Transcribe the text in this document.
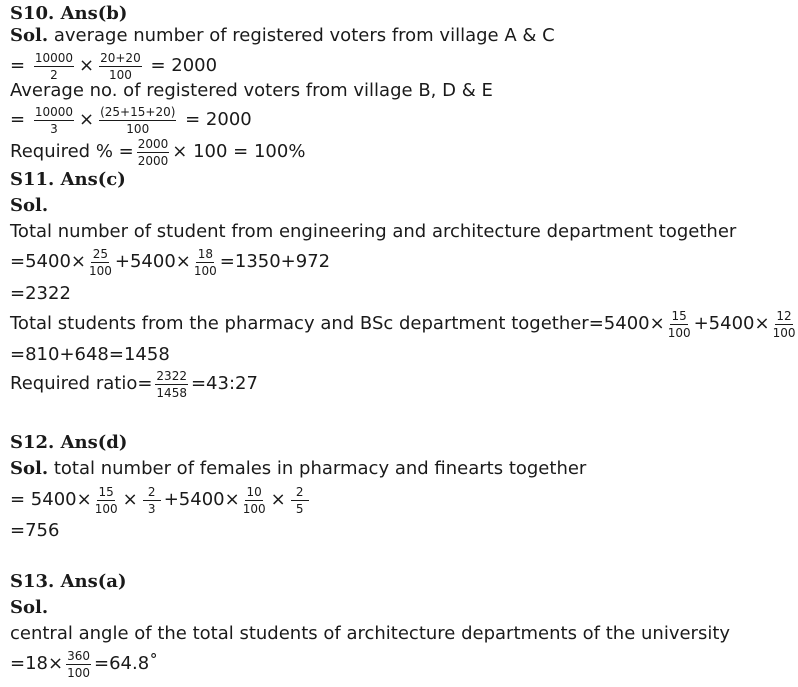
S10. Ans(b)
Sol. average number of registered voters from village A & C
= $\frac{10000}{2} \times \frac{20+20}{100} = 2000$
Average no. of registered voters from village B, D & E
= $\frac{10000}{3} \times \frac{(25+15+20)}{100} = 2000$
Required % = $\frac{2000}{2000} \times 100 = 100\%$
S11. Ans(c)
Sol.
Total number of student from engineering and architecture department together
$=5400\times \frac{25}{100} +5400\times \frac{18}{100} =1350+972$
=2322
Total students from the pharmacy and BSc department together=5400× $\frac{15}{100} +5400\times \frac{12}{100}$
=810+648=1458
Required ratio= $\frac{2322}{1458}$ =43:27
S12. Ans(d)
Sol. total number of females in pharmacy and finearts together
= $5400\times \frac{15}{100} \times \frac{2}{3} +5400\times \frac{10}{100} \times \frac{2}{5}$
=756
S13. Ans(a)
Sol.
central angle of the total students of architecture departments of the university
$=18\times \frac{360}{100}$ =64.8˚
